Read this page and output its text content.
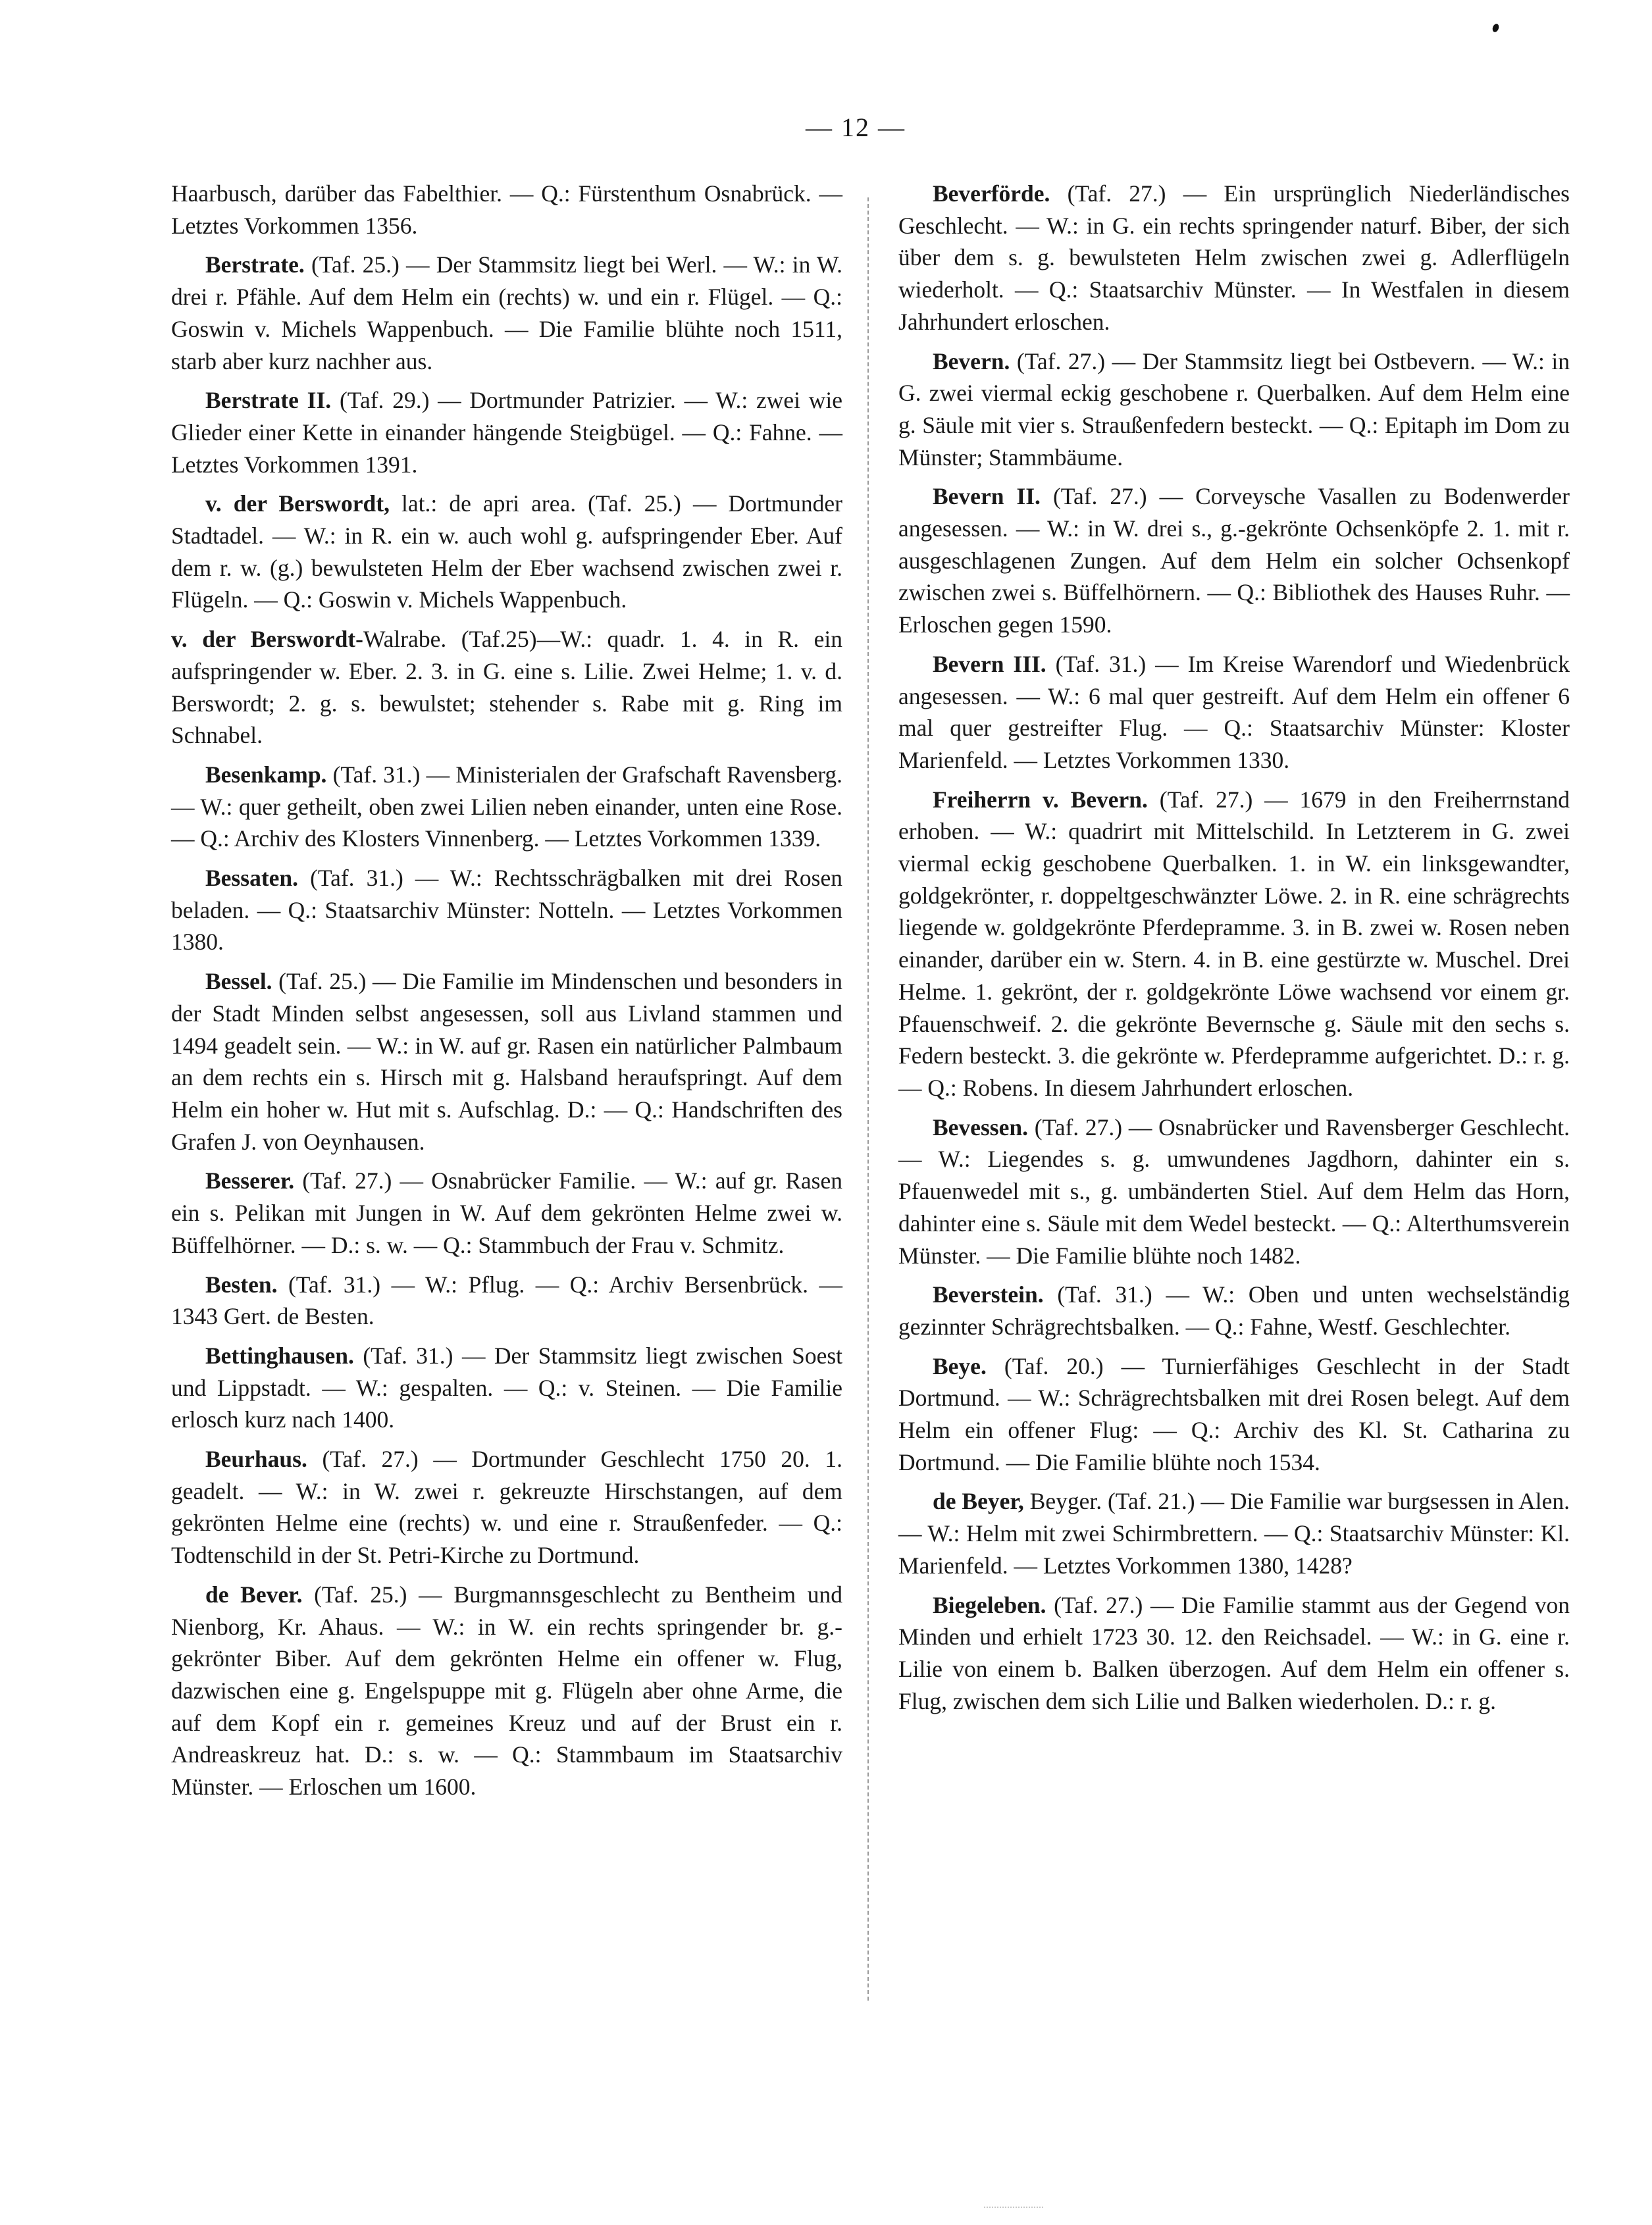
— 12 —

Haarbusch, darüber das Fabelthier. — Q.: Fürstenthum Osnabrück. — Letztes Vorkommen 1356.

Berstrate. (Taf. 25.) — Der Stammsitz liegt bei Werl. — W.: in W. drei r. Pfähle. Auf dem Helm ein (rechts) w. und ein r. Flügel. — Q.: Goswin v. Michels Wappenbuch. — Die Familie blühte noch 1511, starb aber kurz nachher aus.

Berstrate II. (Taf. 29.) — Dortmunder Patrizier. — W.: zwei wie Glieder einer Kette in einander hängende Steigbügel. — Q.: Fahne. — Letztes Vorkommen 1391.

v. der Berswordt, lat.: de apri area. (Taf. 25.) — Dortmunder Stadtadel. — W.: in R. ein w. auch wohl g. aufspringender Eber. Auf dem r. w. (g.) bewulsteten Helm der Eber wachsend zwischen zwei r. Flügeln. — Q.: Goswin v. Michels Wappenbuch.

v. der Berswordt-Walrabe. (Taf.25)—W.: quadr. 1. 4. in R. ein aufspringender w. Eber. 2. 3. in G. eine s. Lilie. Zwei Helme; 1. v. d. Berswordt; 2. g. s. bewulstet; stehender s. Rabe mit g. Ring im Schnabel.

Besenkamp. (Taf. 31.) — Ministerialen der Grafschaft Ravensberg. — W.: quer getheilt, oben zwei Lilien neben einander, unten eine Rose. — Q.: Archiv des Klosters Vinnenberg. — Letztes Vorkommen 1339.

Bessaten. (Taf. 31.) — W.: Rechtsschrägbalken mit drei Rosen beladen. — Q.: Staatsarchiv Münster: Notteln. — Letztes Vorkommen 1380.

Bessel. (Taf. 25.) — Die Familie im Mindenschen und besonders in der Stadt Minden selbst angesessen, soll aus Livland stammen und 1494 geadelt sein. — W.: in W. auf gr. Rasen ein natürlicher Palmbaum an dem rechts ein s. Hirsch mit g. Halsband heraufspringt. Auf dem Helm ein hoher w. Hut mit s. Aufschlag. D.: — Q.: Handschriften des Grafen J. von Oeynhausen.

Besserer. (Taf. 27.) — Osnabrücker Familie. — W.: auf gr. Rasen ein s. Pelikan mit Jungen in W. Auf dem gekrönten Helme zwei w. Büffelhörner. — D.: s. w. — Q.: Stammbuch der Frau v. Schmitz.

Besten. (Taf. 31.) — W.: Pflug. — Q.: Archiv Bersenbrück. — 1343 Gert. de Besten.

Bettinghausen. (Taf. 31.) — Der Stammsitz liegt zwischen Soest und Lippstadt. — W.: gespalten. — Q.: v. Steinen. — Die Familie erlosch kurz nach 1400.

Beurhaus. (Taf. 27.) — Dortmunder Geschlecht 1750 20. 1. geadelt. — W.: in W. zwei r. gekreuzte Hirschstangen, auf dem gekrönten Helme eine (rechts) w. und eine r. Straußenfeder. — Q.: Todtenschild in der St. Petri-Kirche zu Dortmund.

de Bever. (Taf. 25.) — Burgmannsgeschlecht zu Bentheim und Nienborg, Kr. Ahaus. — W.: in W. ein rechts springender br. g.-gekrönter Biber. Auf dem gekrönten Helme ein offener w. Flug, dazwischen eine g. Engelspuppe mit g. Flügeln aber ohne Arme, die auf dem Kopf ein r. gemeines Kreuz und auf der Brust ein r. Andreaskreuz hat. D.: s. w. — Q.: Stammbaum im Staatsarchiv Münster. — Erloschen um 1600.

Beverförde. (Taf. 27.) — Ein ursprünglich Niederländisches Geschlecht. — W.: in G. ein rechts springender naturf. Biber, der sich über dem s. g. bewulsteten Helm zwischen zwei g. Adlerflügeln wiederholt. — Q.: Staatsarchiv Münster. — In Westfalen in diesem Jahrhundert erloschen.

Bevern. (Taf. 27.) — Der Stammsitz liegt bei Ostbevern. — W.: in G. zwei viermal eckig geschobene r. Querbalken. Auf dem Helm eine g. Säule mit vier s. Straußenfedern besteckt. — Q.: Epitaph im Dom zu Münster; Stammbäume.

Bevern II. (Taf. 27.) — Corveysche Vasallen zu Bodenwerder angesessen. — W.: in W. drei s., g.-gekrönte Ochsenköpfe 2. 1. mit r. ausgeschlagenen Zungen. Auf dem Helm ein solcher Ochsenkopf zwischen zwei s. Büffelhörnern. — Q.: Bibliothek des Hauses Ruhr. — Erloschen gegen 1590.

Bevern III. (Taf. 31.) — Im Kreise Warendorf und Wiedenbrück angesessen. — W.: 6 mal quer gestreift. Auf dem Helm ein offener 6 mal quer gestreifter Flug. — Q.: Staatsarchiv Münster: Kloster Marienfeld. — Letztes Vorkommen 1330.

Freiherrn v. Bevern. (Taf. 27.) — 1679 in den Freiherrnstand erhoben. — W.: quadrirt mit Mittelschild. In Letzterem in G. zwei viermal eckig geschobene Querbalken. 1. in W. ein linksgewandter, goldgekrönter, r. doppeltgeschwänzter Löwe. 2. in R. eine schrägrechts liegende w. goldgekrönte Pferdepramme. 3. in B. zwei w. Rosen neben einander, darüber ein w. Stern. 4. in B. eine gestürzte w. Muschel. Drei Helme. 1. gekrönt, der r. goldgekrönte Löwe wachsend vor einem gr. Pfauenschweif. 2. die gekrönte Bevernsche g. Säule mit den sechs s. Federn besteckt. 3. die gekrönte w. Pferdepramme aufgerichtet. D.: r. g. — Q.: Robens. In diesem Jahrhundert erloschen.

Bevessen. (Taf. 27.) — Osnabrücker und Ravensberger Geschlecht. — W.: Liegendes s. g. umwundenes Jagdhorn, dahinter ein s. Pfauenwedel mit s., g. umbänderten Stiel. Auf dem Helm das Horn, dahinter eine s. Säule mit dem Wedel besteckt. — Q.: Alterthumsverein Münster. — Die Familie blühte noch 1482.

Beverstein. (Taf. 31.) — W.: Oben und unten wechselständig gezinnter Schrägrechtsbalken. — Q.: Fahne, Westf. Geschlechter.

Beye. (Taf. 20.) — Turnierfähiges Geschlecht in der Stadt Dortmund. — W.: Schrägrechtsbalken mit drei Rosen belegt. Auf dem Helm ein offener Flug: — Q.: Archiv des Kl. St. Catharina zu Dortmund. — Die Familie blühte noch 1534.

de Beyer, Beyger. (Taf. 21.) — Die Familie war burgsessen in Alen. — W.: Helm mit zwei Schirmbrettern. — Q.: Staatsarchiv Münster: Kl. Marienfeld. — Letztes Vorkommen 1380, 1428?

Biegeleben. (Taf. 27.) — Die Familie stammt aus der Gegend von Minden und erhielt 1723 30. 12. den Reichsadel. — W.: in G. eine r. Lilie von einem b. Balken überzogen. Auf dem Helm ein offener s. Flug, zwischen dem sich Lilie und Balken wiederholen. D.: r. g.
